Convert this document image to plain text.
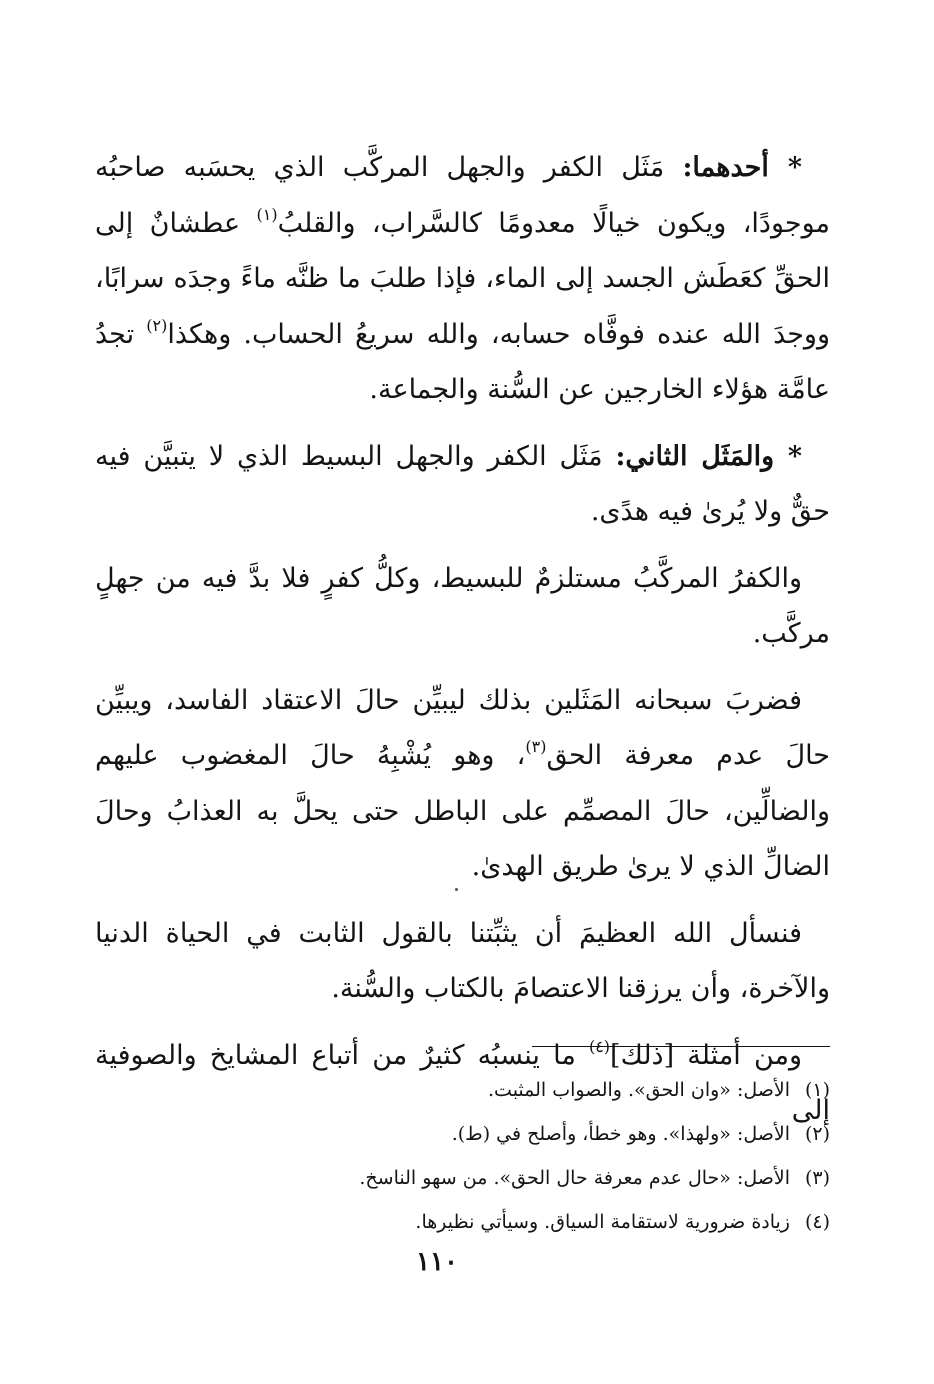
* أحدهما: مَثَل الكفر والجهل المركَّب الذي يحسَبه صاحبُه موجودًا، ويكون خيالًا معدومًا كالسَّراب، والقلبُ$^{(١)}$ عطشانٌ إلى الحقِّ كعَطَش الجسد إلى الماء، فإذا طلبَ ما ظنَّه ماءً وجدَه سرابًا، ووجدَ الله عنده فوفَّاه حسابه، والله سريعُ الحساب. وهكذا$^{(٢)}$ تجدُ عامَّة هؤلاء الخارجين عن السُّنة والجماعة.

* والمَثَل الثاني: مَثَل الكفر والجهل البسيط الذي لا يتبيَّن فيه حقٌّ ولا يُرىٰ فيه هدًى.

والكفرُ المركَّبُ مستلزمٌ للبسيط، وكلُّ كفرٍ فلا بدَّ فيه من جهلٍ مركَّب.

فضربَ سبحانه المَثَلين بذلك ليبيِّن حالَ الاعتقاد الفاسد، ويبيِّن حالَ عدم معرفة الحق$^{(٣)}$، وهو يُشْبِهُ حالَ المغضوب عليهم والضالِّين، حالَ المصمِّم على الباطل حتى يحلَّ به العذابُ وحالَ الضالِّ الذي لا يرىٰ طريق الهدىٰ.

فنسأل الله العظيمَ أن يثبِّتنا بالقول الثابت في الحياة الدنيا والآخرة، وأن يرزقنا الاعتصامَ بالكتاب والسُّنة.

ومن أمثلة [ذلك]$^{(٤)}$ ما ينسبُه كثيرٌ من أتباع المشايخ والصوفية إلى

(١)
الأصل: «وان الحق». والصواب المثبت.
(٢)
الأصل: «ولهذا». وهو خطأ، وأصلح في (ط).
(٣)
الأصل: «حال عدم معرفة حال الحق». من سهو الناسخ.
(٤)
زيادة ضرورية لاستقامة السياق. وسيأتي نظيرها.
١١٠
